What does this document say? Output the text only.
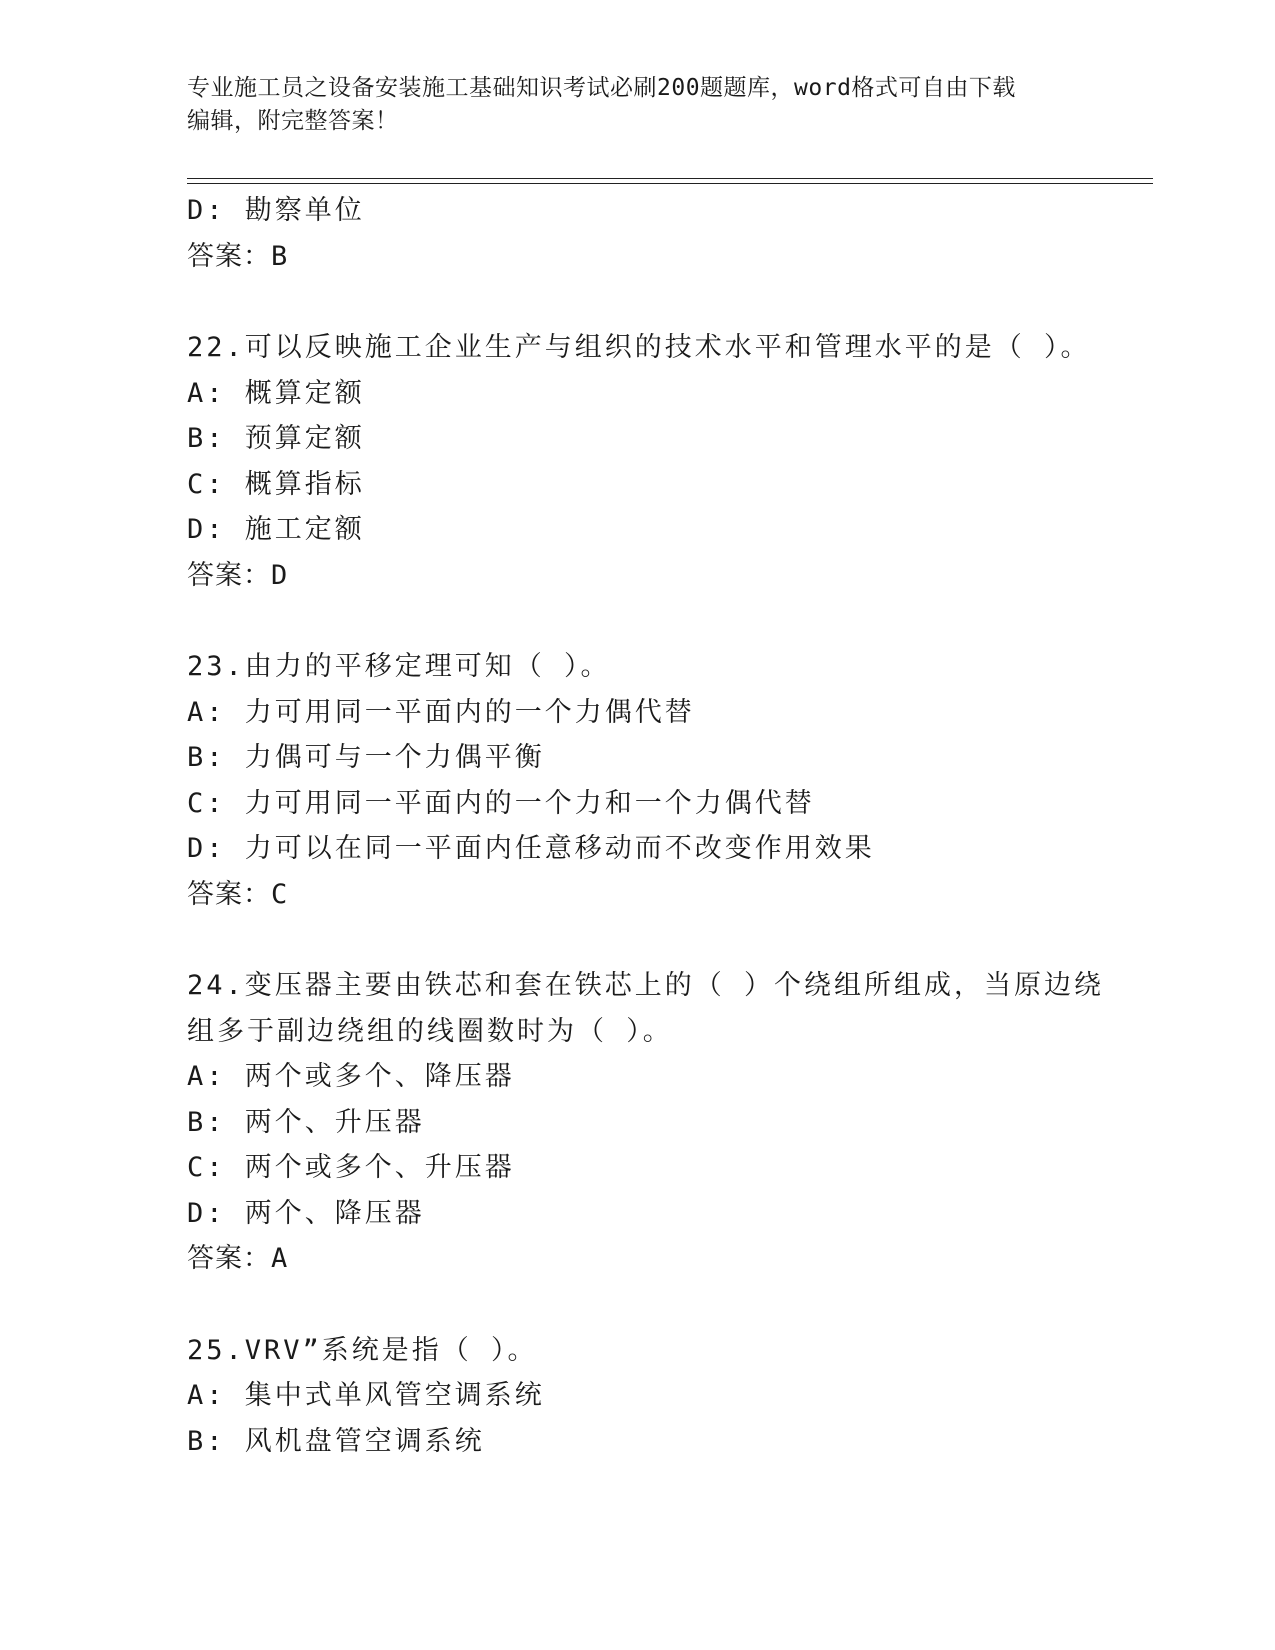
专业施工员之设备安装施工基础知识考试必刷200题题库，word格式可自由下载
编辑，附完整答案！
D: 勘察单位
答案：B
22.可以反映施工企业生产与组织的技术水平和管理水平的是（ ）。
A: 概算定额
B: 预算定额
C: 概算指标
D: 施工定额
答案：D
23.由力的平移定理可知（ ）。
A: 力可用同一平面内的一个力偶代替
B: 力偶可与一个力偶平衡
C: 力可用同一平面内的一个力和一个力偶代替
D: 力可以在同一平面内任意移动而不改变作用效果
答案：C
24.变压器主要由铁芯和套在铁芯上的（ ）个绕组所组成，当原边绕
组多于副边绕组的线圈数时为（ ）。
A: 两个或多个、降压器
B: 两个、升压器
C: 两个或多个、升压器
D: 两个、降压器
答案：A
25.VRV”系统是指（ ）。
A: 集中式单风管空调系统
B: 风机盘管空调系统
